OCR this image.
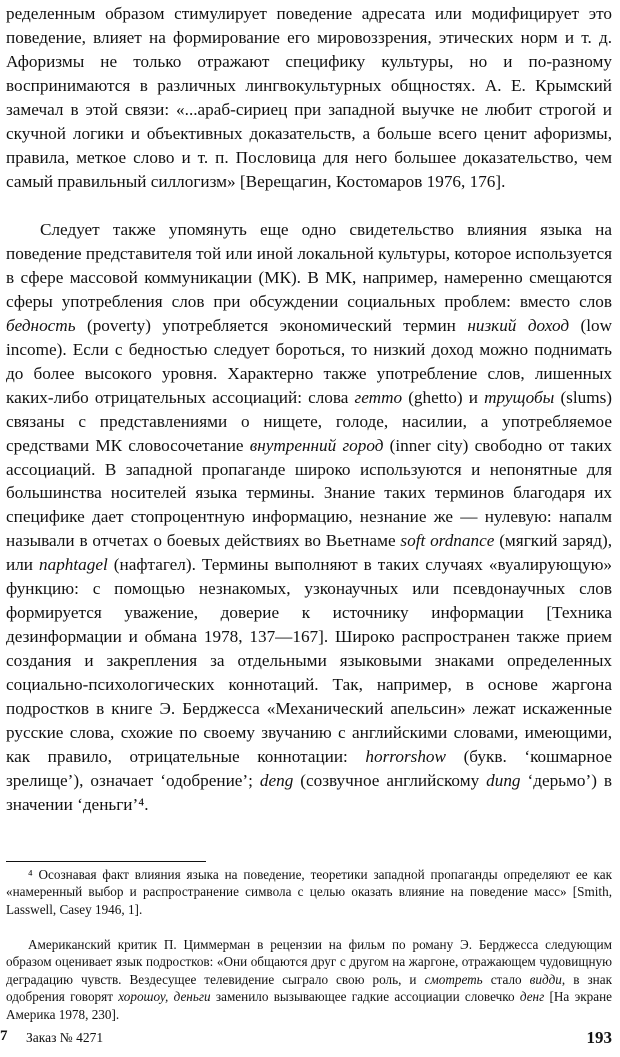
ределенным образом стимулирует поведение адресата или модифицирует это поведение, влияет на формирование его мировоззрения, этических норм и т. д. Афоризмы не только отражают специфику культуры, но и по-разному воспринимаются в различных лингвокультурных общностях. А. Е. Крымский замечал в этой связи: «...араб-сириец при западной выучке не любит строгой и скучной логики и объективных доказательств, а больше всего ценит афоризмы, правила, меткое слово и т. п. Пословица для него большее доказательство, чем самый правильный силлогизм» [Верещагин, Костомаров 1976, 176].

Следует также упомянуть еще одно свидетельство влияния языка на поведение представителя той или иной локальной культуры, которое используется в сфере массовой коммуникации (МК). В МК, например, намеренно смещаются сферы употребления слов при обсуждении социальных проблем: вместо слов бедность (poverty) употребляется экономический термин низкий доход (low income). Если с бедностью следует бороться, то низкий доход можно поднимать до более высокого уровня. Характерно также употребление слов, лишенных каких-либо отрицательных ассоциаций: слова гетто (ghetto) и трущобы (slums) связаны с представлениями о нищете, голоде, насилии, а употребляемое средствами МК словосочетание внутренний город (inner city) свободно от таких ассоциаций. В западной пропаганде широко используются и непонятные для большинства носителей языка термины. Знание таких терминов благодаря их специфике дает стопроцентную информацию, незнание же — нулевую: напалм называли в отчетах о боевых действиях во Вьетнаме soft ordnance (мягкий заряд), или naphtagel (нафтагел). Термины выполняют в таких случаях «вуалирующую» функцию: с помощью незнакомых, узконаучных или псевдонаучных слов формируется уважение, доверие к источнику информации [Техника дезинформации и обмана 1978, 137—167]. Широко распространен также прием создания и закрепления за отдельными языковыми знаками определенных социально-психологических коннотаций. Так, например, в основе жаргона подростков в книге Э. Берджесса «Механический апельсин» лежат искаженные русские слова, схожие по своему звучанию с английскими словами, имеющими, как правило, отрицательные коннотации: horrorshow (букв. ‘кошмарное зрелище’), означает ‘одобрение’; deng (созвучное английскому dung ‘дерьмо’) в значении ‘деньги’⁴.

⁴ Осознавая факт влияния языка на поведение, теоретики западной пропаганды определяют ее как «намеренный выбор и распространение символа с целью оказать влияние на поведение масс» [Smith, Lasswell, Casey 1946, 1].

Американский критик П. Циммерман в рецензии на фильм по роману Э. Берджесса следующим образом оценивает язык подростков: «Они общаются друг с другом на жаргоне, отражающем чудовищную деградацию чувств. Вездесущее телевидение сыграло свою роль, и смотреть стало видди, в знак одобрения говорят хорошоу, деньги заменило вызывающее гадкие ассоциации словечко денг [На экране Америка 1978, 230].

7 Заказ № 4271	193
